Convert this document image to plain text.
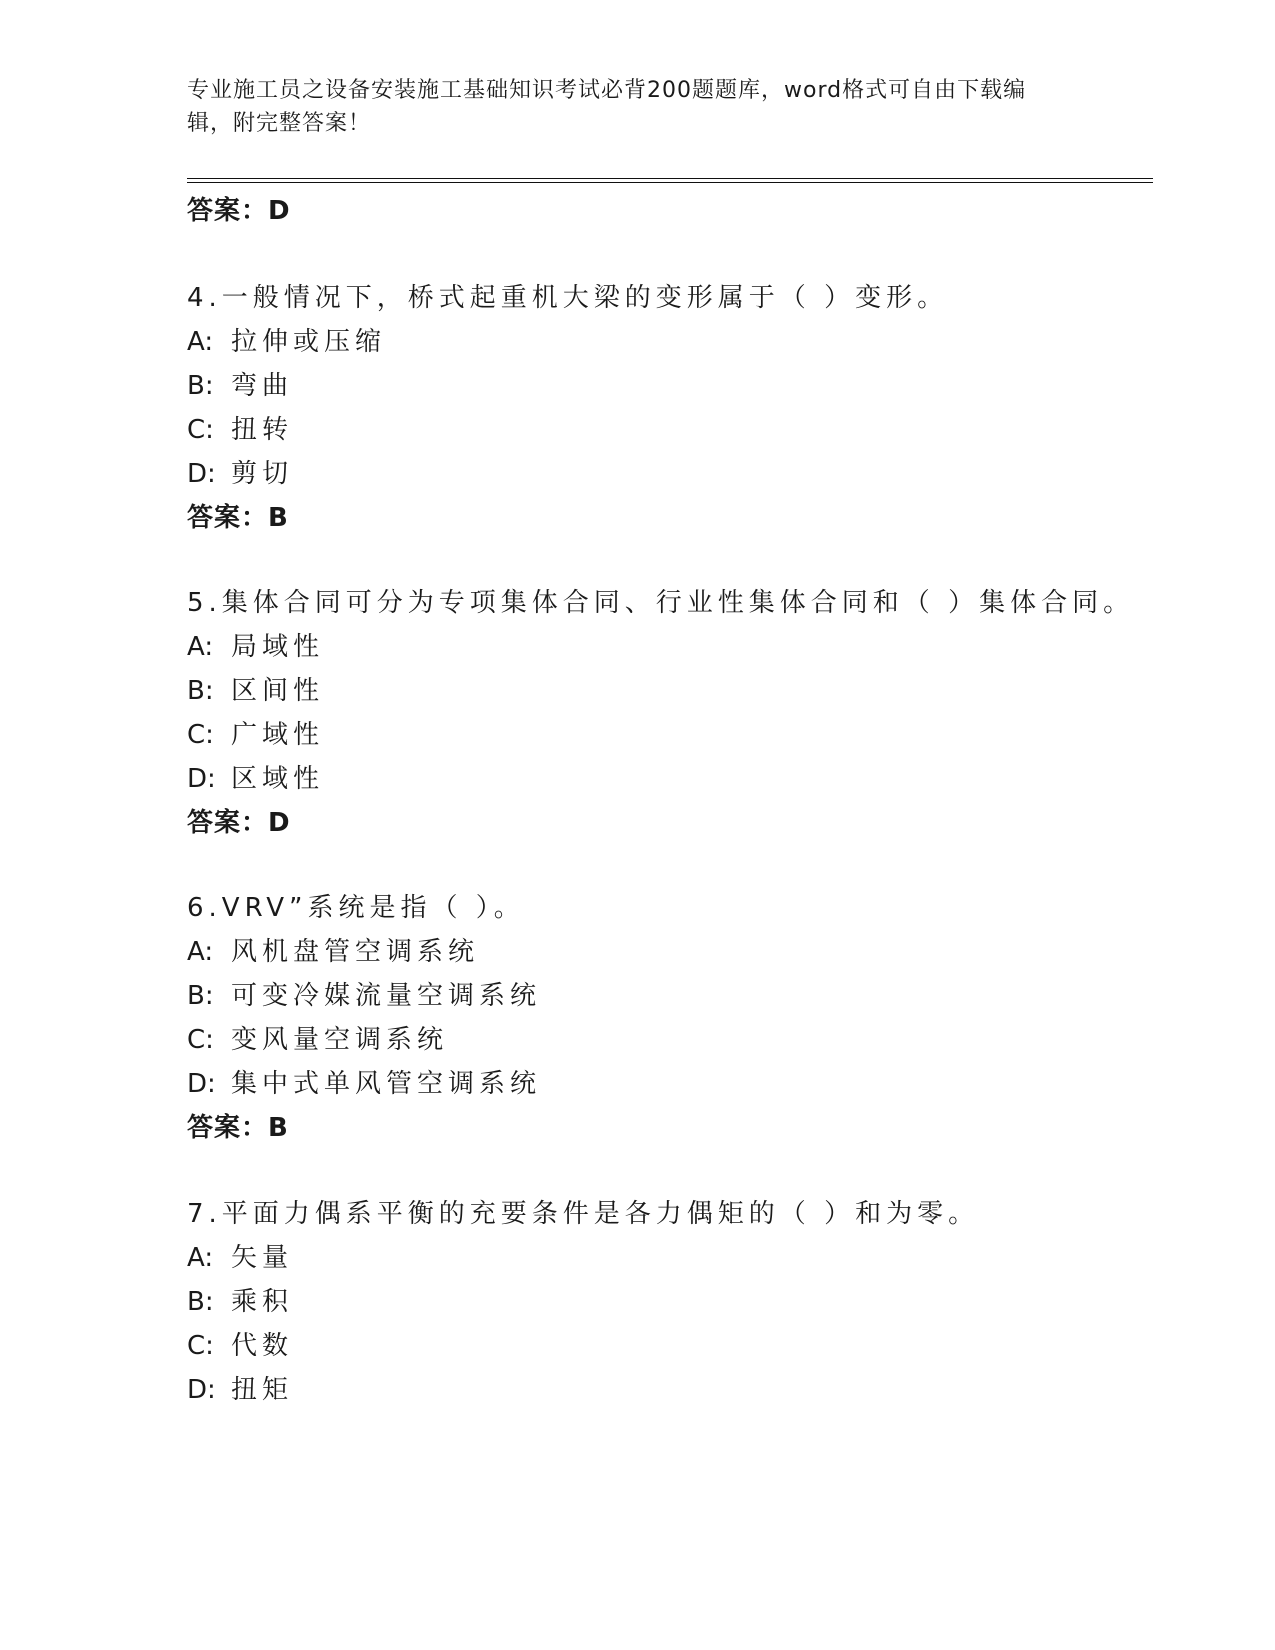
专业施工员之设备安装施工基础知识考试必背200题题库，word格式可自由下载编辑，附完整答案！
答案：D
4.一般情况下，桥式起重机大梁的变形属于（ ）变形。
A: 拉伸或压缩
B: 弯曲
C: 扭转
D: 剪切
答案：B
5.集体合同可分为专项集体合同、行业性集体合同和（ ）集体合同。
A: 局域性
B: 区间性
C: 广域性
D: 区域性
答案：D
6.VRV”系统是指（ ）。
A: 风机盘管空调系统
B: 可变冷媒流量空调系统
C: 变风量空调系统
D: 集中式单风管空调系统
答案：B
7.平面力偶系平衡的充要条件是各力偶矩的（ ）和为零。
A: 矢量
B: 乘积
C: 代数
D: 扭矩
